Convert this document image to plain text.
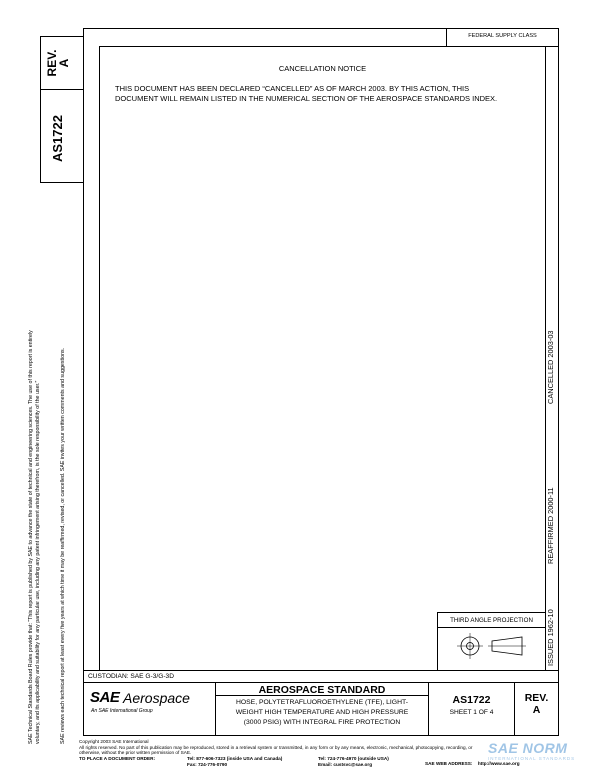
SAE Technical Standards Board Rules provide that: “This report is published by SAE to advance the state of technical and engineering sciences. The use of this report is entirely voluntary, and its applicability and suitability for any particular use, including any patent infringement arising therefrom, is the sole responsibility of the user.”	SAE reviews each technical report at least every five years at which time it may be reaffirmed, revised, or cancelled. SAE invites your written comments and suggestions.
REV.
A
AS1722
FEDERAL SUPPLY CLASS
CANCELLATION NOTICE
THIS DOCUMENT HAS BEEN DECLARED “CANCELLED” AS OF MARCH 2003. BY THIS ACTION, THIS
DOCUMENT WILL REMAIN LISTED IN THE NUMERICAL SECTION OF THE AEROSPACE STANDARDS INDEX.
ISSUED 1962-10REAFFIRMED 2000-11CANCELLED 2003-03
THIRD ANGLE PROJECTION
CUSTODIAN: SAE G-3/G-3D
SAE Aerospace
An SAE International Group
AEROSPACE STANDARD
HOSE, POLYTETRAFLUOROETHYLENE (TFE), LIGHT-
WEIGHT HIGH TEMPERATURE AND HIGH PRESSURE
(3000 PSIG) WITH INTEGRAL FIRE PROTECTION
AS1722
SHEET 1 OF 4
REV.
A
Copyright 2003 SAE International
All rights reserved. No part of this publication may be reproduced, stored in a retrieval system or transmitted, in any form or by any means, electronic, mechanical, photocopying, recording, or
otherwise, without the prior written permission of SAE.
TO PLACE A DOCUMENT ORDER:	Tel: 877-606-7323 (inside USA and Canada)
Fax: 724-776-0790
Tel: 724-776-4970 (outside USA)
Email: custsvc@sae.org	SAE WEB ADDRESS: http://www.sae.org
SAE NORM
INTERNATIONAL STANDARDS
